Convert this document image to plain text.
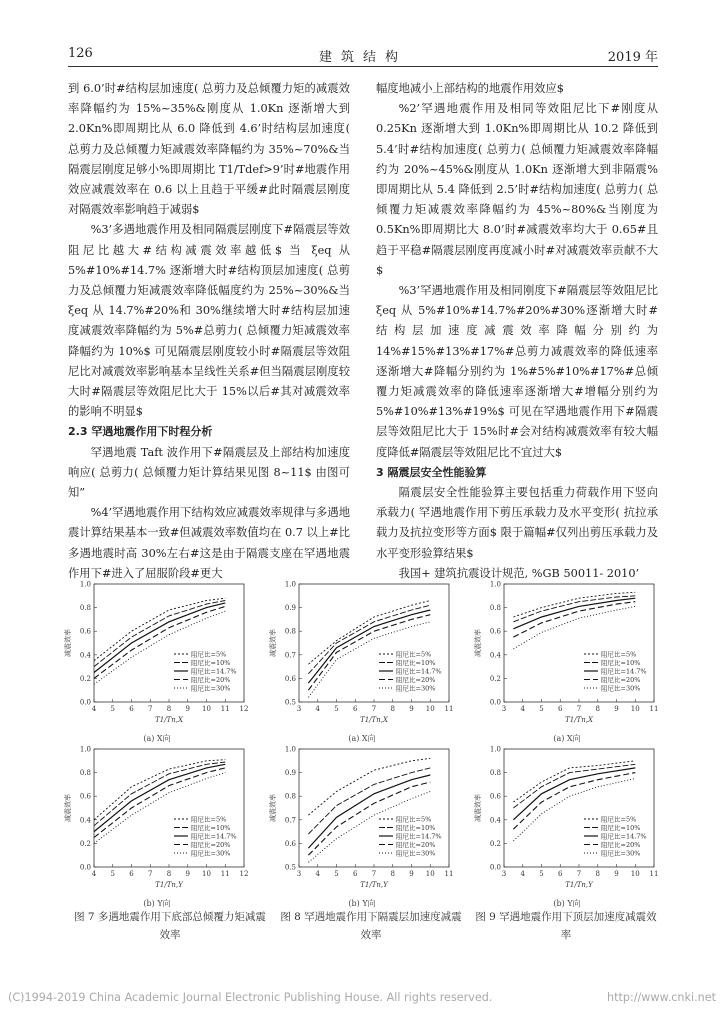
126	建筑结构	2019 年

到 6.0’时#结构层加速度( 总剪力及总倾覆力矩的减震效率降幅约为 15%~35%&刚度从 1.0Kn 逐渐增大到 2.0Kn%即周期比从 6.0 降低到 4.6’时结构层加速度( 总剪力及总倾覆力矩减震效率降幅约为 35%~70%&当隔震层刚度足够小%即周期比 T1/Tdef>9’时#地震作用效应减震效率在 0.6 以上且趋于平缓#此时隔震层刚度对隔震效率影响趋于减弱$

%3’多遇地震作用及相同隔震层刚度下#隔震层等效阻尼比越大#结构减震效率越低$ 当 ξeq 从 5%#10%#14.7% 逐渐增大时#结构顶层加速度( 总剪力及总倾覆力矩减震效率降低幅度约为 25%~30%&当 ξeq 从 14.7%#20%和 30%继续增大时#结构层加速度减震效率降幅约为 5%#总剪力( 总倾覆力矩减震效率降幅约为 10%$ 可见隔震层刚度较小时#隔震层等效阻尼比对减震效率影响基本呈线性关系#但当隔震层刚度较大时#隔震层等效阻尼比大于 15%以后#其对减震效率的影响不明显$

2.3 罕遇地震作用下时程分析

罕遇地震 Taft 波作用下#隔震层及上部结构加速度响应( 总剪力( 总倾覆力矩计算结果见图 8~11$ 由图可知”

%4’罕遇地震作用下结构效应减震效率规律与多遇地震计算结果基本一致#但减震效率数值均在 0.7 以上#比多遇地震时高 30%左右#这是由于隔震支座在罕遇地震作用下#进入了屈服阶段#更大

幅度地减小上部结构的地震作用效应$

%2’罕遇地震作用及相同等效阻尼比下#刚度从 0.25Kn 逐渐增大到 1.0Kn%即周期比从 10.2 降低到 5.4’时#结构加速度( 总剪力( 总倾覆力矩减震效率降幅约为 20%~45%&刚度从 1.0Kn 逐渐增大到非隔震%即周期比从 5.4 降低到 2.5’时#结构加速度( 总剪力( 总倾覆力矩减震效率降幅约为 45%~80%&当刚度为 0.5Kn%即周期比大 8.0’时#减震效率均大于 0.65#且趋于平稳#隔震层刚度再度减小时#对减震效率贡献不大$

%3’罕遇地震作用及相同刚度下#隔震层等效阻尼比 ξeq 从 5%#10%#14.7%#20%#30%逐渐增大时#结构层加速度减震效率降幅分别约为 14%#15%#13%#17%#总剪力减震效率的降低速率逐渐增大#降幅分别约为 1%#5%#10%#17%#总倾覆力矩减震效率的降低速率逐渐增大#增幅分别约为 5%#10%#13%#19%$ 可见在罕遇地震作用下#隔震层等效阻尼比大于 15%时#会对结构减震效率有较大幅度降低#隔震层等效阻尼比不宜过大$

3 隔震层安全性能验算

隔震层安全性能验算主要包括重力荷载作用下竖向承载力( 罕遇地震作用下剪压承载力及水平变形( 抗拉承载力及抗拉变形等方面$ 限于篇幅#仅列出剪压承载力及水平变形验算结果$

我国+ 建筑抗震设计规范, %GB 50011- 2010’

4 5 6 7 8 9 10 11 12
0.0
0.2
0.4
0.6
0.8
1.0
减震效率
T1/Tn,X
阻尼比=5%
阻尼比=10%
阻尼比=14.7%
阻尼比=20%
阻尼比=30%
(a) X向
4 5 6 7 8 9 10 11 12
0.0
0.2
0.4
0.6
0.8
1.0
减震效率
T1/Tn,Y
阻尼比=5%
阻尼比=10%
阻尼比=14.7%
阻尼比=20%
阻尼比=30%
(b) Y向
3 4 5 6 7 8 9 10 11
0.5
0.6
0.7
0.8
0.9
1.0
减震效率
T1/Tn,X
阻尼比=5%
阻尼比=10%
阻尼比=14.7%
阻尼比=20%
阻尼比=30%
(a) X向
3 4 5 6 7 8 9 10 11
0.5
0.6
0.7
0.8
0.9
1.0
减震效率
T1/Tn,Y
阻尼比=5%
阻尼比=10%
阻尼比=14.7%
阻尼比=20%
阻尼比=30%
(b) Y向
3 4 5 6 7 8 9 10 11
0.0
0.2
0.4
0.6
0.8
1.0
减震效率
T1/Tn,X
阻尼比=5%
阻尼比=10%
阻尼比=14.7%
阻尼比=20%
阻尼比=30%
(a) X向
3 4 5 6 7 8 9 10 11
0.0
0.2
0.4
0.6
0.8
1.0
减震效率
T1/Tn,Y
阻尼比=5%
阻尼比=10%
阻尼比=14.7%
阻尼比=20%
阻尼比=30%
(b) Y向
图 7 多遇地震作用下底部总倾覆力矩减震效率
图 8 罕遇地震作用下隔震层加速度减震效率
图 9 罕遇地震作用下顶层加速度减震效率
(C)1994-2019 China Academic Journal Electronic Publishing House. All rights reserved.	http://www.cnki.net
